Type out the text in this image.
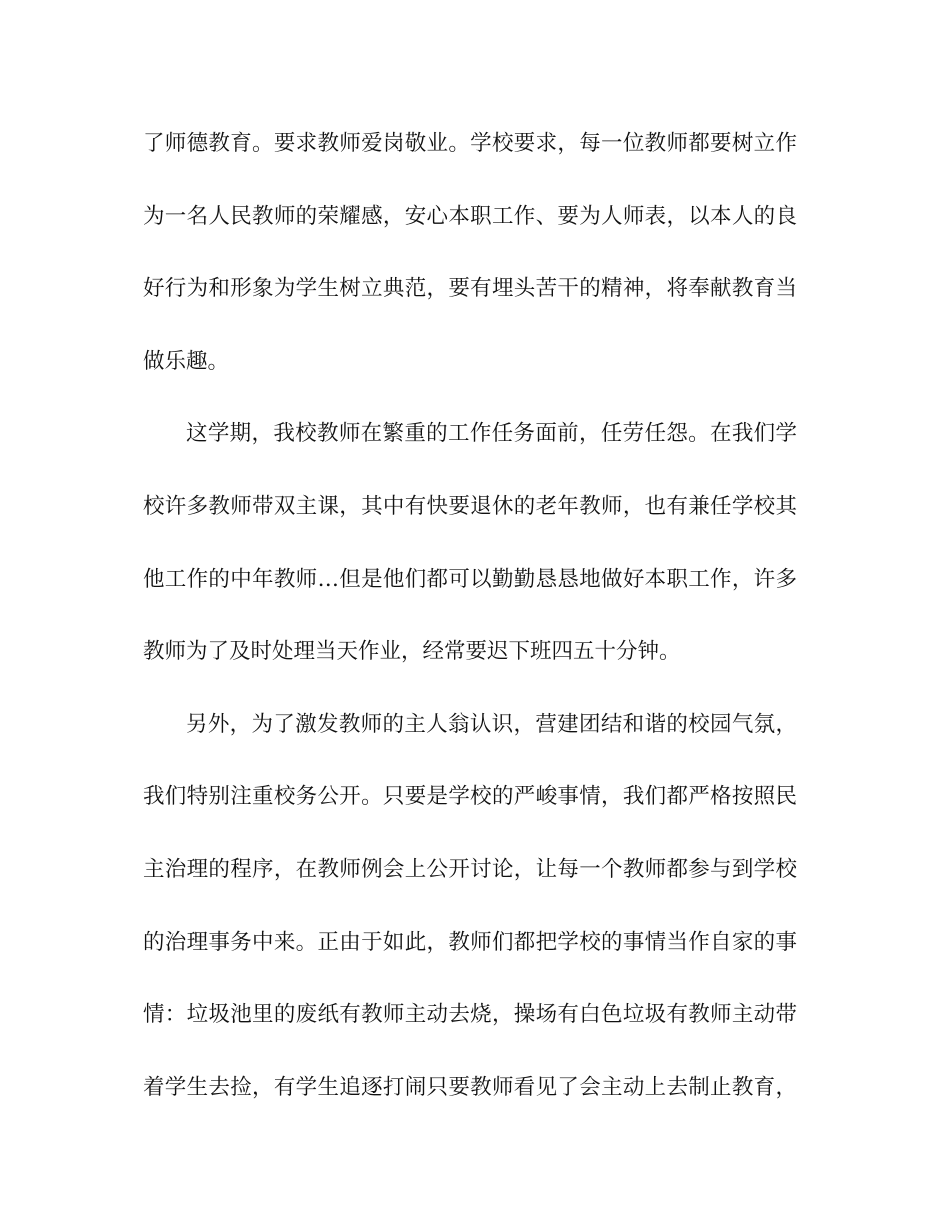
了师德教育。要求教师爱岗敬业。学校要求，每一位教师都要树立作
为一名人民教师的荣耀感，安心本职工作、要为人师表，以本人的良
好行为和形象为学生树立典范，要有埋头苦干的精神，将奉献教育当
做乐趣。
这学期，我校教师在繁重的工作任务面前，任劳任怨。在我们学
校许多教师带双主课，其中有快要退休的老年教师，也有兼任学校其
他工作的中年教师…但是他们都可以勤勤恳恳地做好本职工作，许多
教师为了及时处理当天作业，经常要迟下班四五十分钟。
另外，为了激发教师的主人翁认识，营建团结和谐的校园气氛，
我们特别注重校务公开。只要是学校的严峻事情，我们都严格按照民
主治理的程序，在教师例会上公开讨论，让每一个教师都参与到学校
的治理事务中来。正由于如此，教师们都把学校的事情当作自家的事
情：垃圾池里的废纸有教师主动去烧，操场有白色垃圾有教师主动带
着学生去捡，有学生追逐打闹只要教师看见了会主动上去制止教育，
